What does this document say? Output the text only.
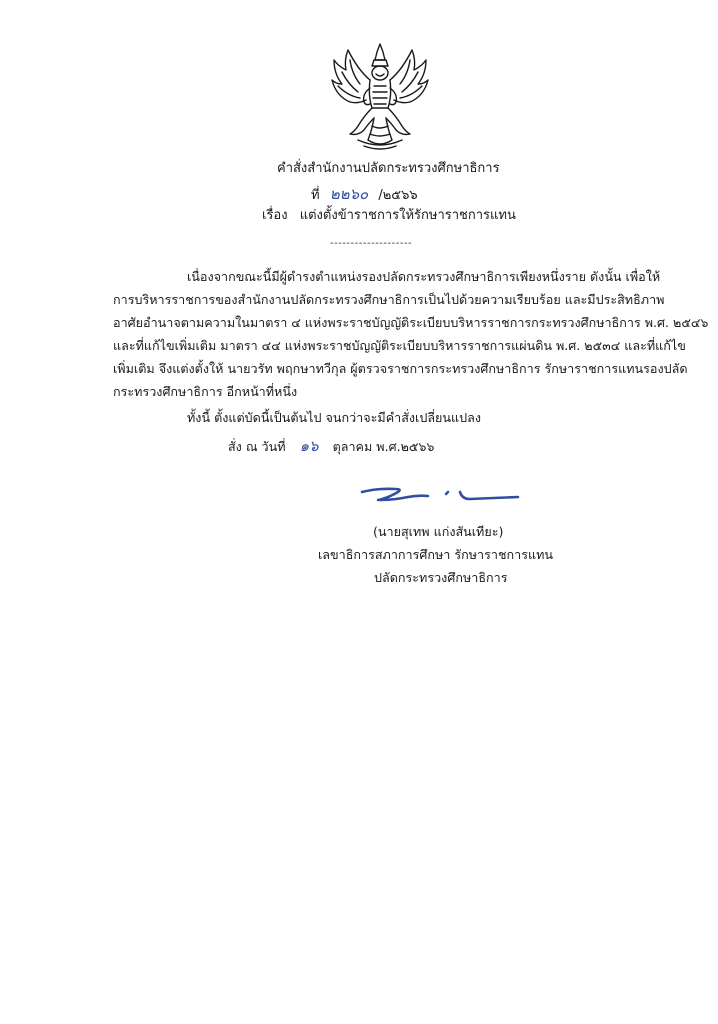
คำสั่งสำนักงานปลัดกระทรวงศึกษาธิการ
ที่ ๒๒๖๐ /๒๕๖๖
เรื่อง แต่งตั้งข้าราชการให้รักษาราชการแทน
--------------------
เนื่องจากขณะนี้มีผู้ดำรงตำแหน่งรองปลัดกระทรวงศึกษาธิการเพียงหนึ่งราย ดังนั้น เพื่อให้
การบริหารราชการของสำนักงานปลัดกระทรวงศึกษาธิการเป็นไปด้วยความเรียบร้อย และมีประสิทธิภาพ
อาศัยอำนาจตามความในมาตรา ๔ แห่งพระราชบัญญัติระเบียบบริหารราชการกระทรวงศึกษาธิการ พ.ศ. ๒๕๔๖
และที่แก้ไขเพิ่มเติม มาตรา ๔๔ แห่งพระราชบัญญัติระเบียบบริหารราชการแผ่นดิน พ.ศ. ๒๕๓๔ และที่แก้ไข
เพิ่มเติม จึงแต่งตั้งให้ นายวรัท พฤกษาทวีกุล ผู้ตรวจราชการกระทรวงศึกษาธิการ รักษาราชการแทนรองปลัด
กระทรวงศึกษาธิการ อีกหน้าที่หนึ่ง
ทั้งนี้ ตั้งแต่บัดนี้เป็นต้นไป จนกว่าจะมีคำสั่งเปลี่ยนแปลง
สั่ง ณ วันที่ ๑๖ ตุลาคม พ.ศ.๒๕๖๖
(นายสุเทพ แก่งสันเทียะ)
เลขาธิการสภาการศึกษา รักษาราชการแทน
ปลัดกระทรวงศึกษาธิการ
